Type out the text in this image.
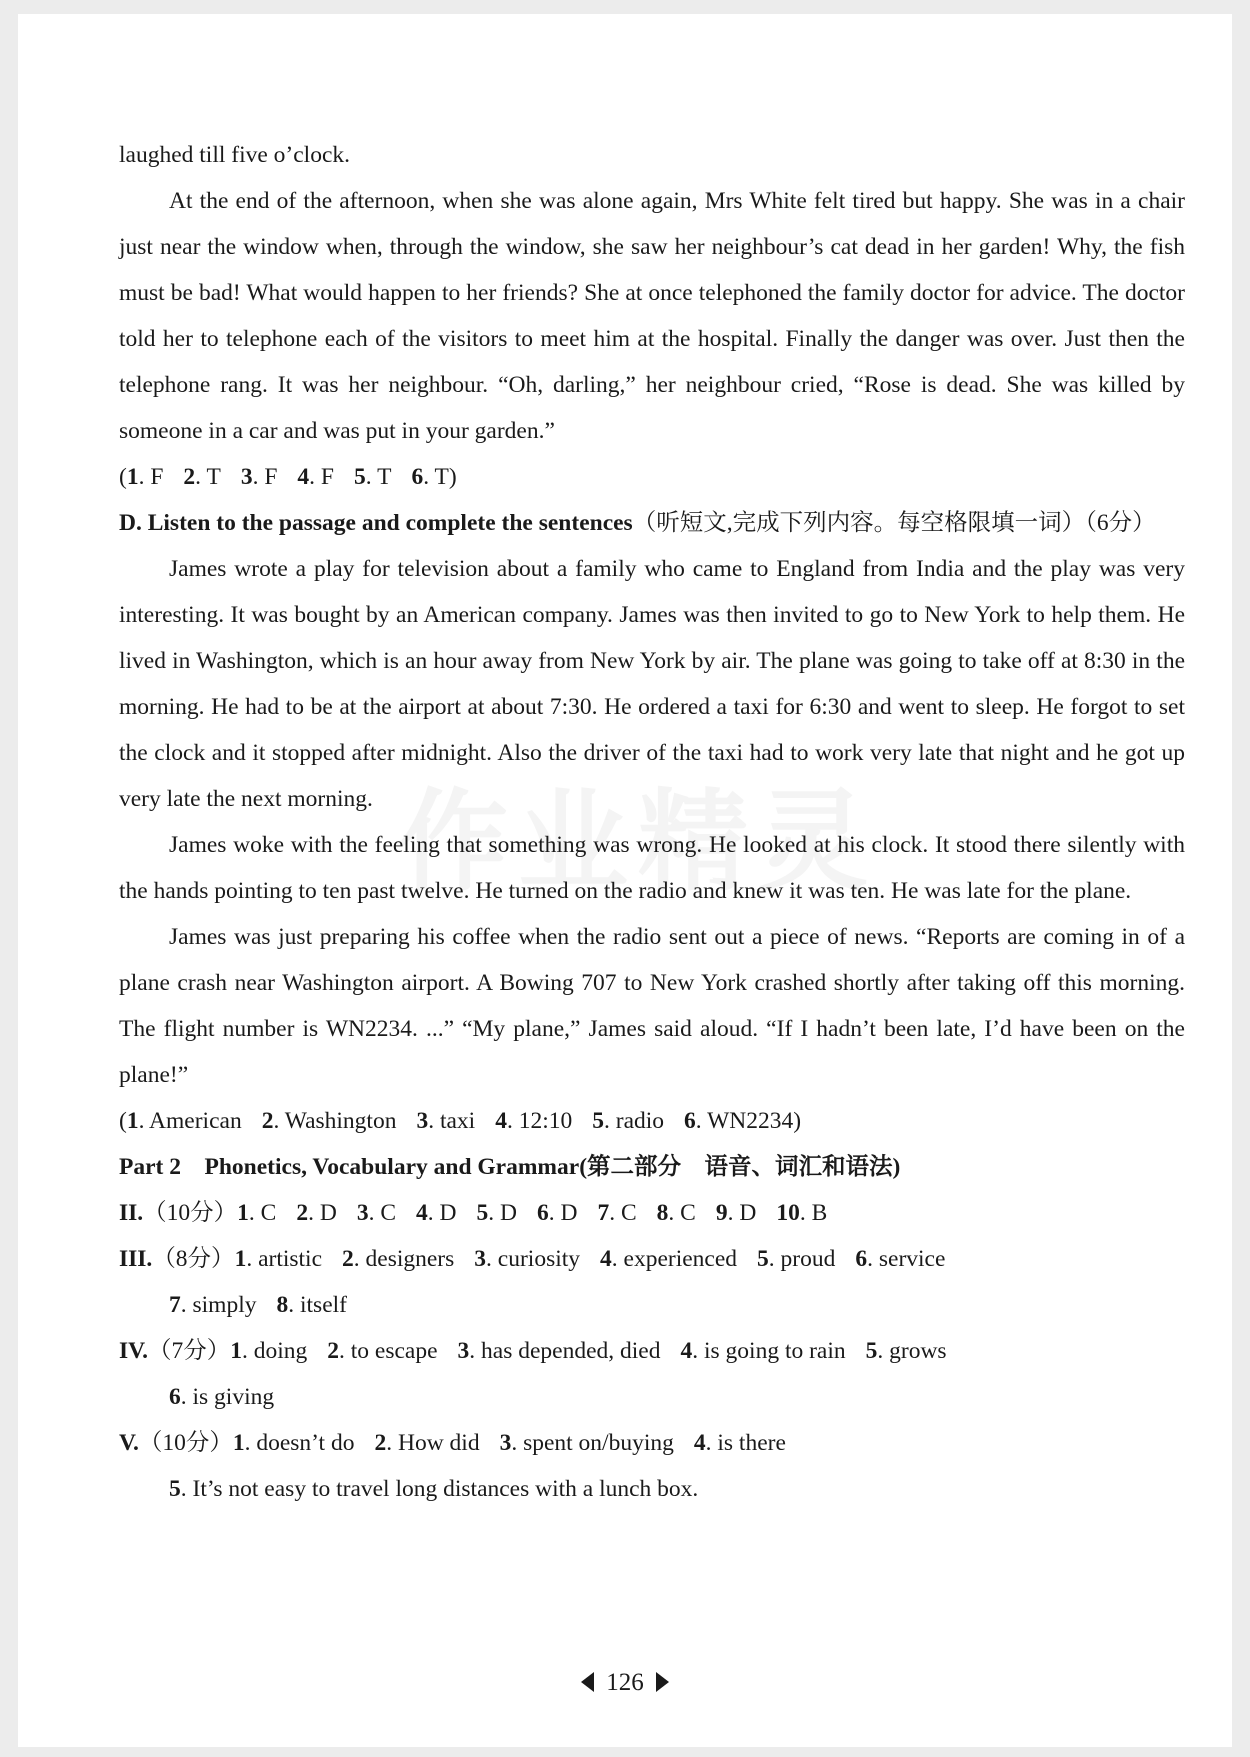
laughed till five o’clock.

At the end of the afternoon, when she was alone again, Mrs White felt tired but happy. She was in a chair just near the window when, through the window, she saw her neighbour’s cat dead in her garden! Why, the fish must be bad! What would happen to her friends? She at once telephoned the family doctor for advice. The doctor told her to telephone each of the visitors to meet him at the hospital. Finally the danger was over. Just then the telephone rang. It was her neighbour. “Oh, darling,” her neighbour cried, “Rose is dead. She was killed by someone in a car and was put in your garden.”

(1. F 2. T 3. F 4. F 5. T 6. T)

D. Listen to the passage and complete the sentences（听短文,完成下列内容。每空格限填一词）（6分）

James wrote a play for television about a family who came to England from India and the play was very interesting. It was bought by an American company. James was then invited to go to New York to help them. He lived in Washington, which is an hour away from New York by air. The plane was going to take off at 8:30 in the morning. He had to be at the airport at about 7:30. He ordered a taxi for 6:30 and went to sleep. He forgot to set the clock and it stopped after midnight. Also the driver of the taxi had to work very late that night and he got up very late the next morning.

James woke with the feeling that something was wrong. He looked at his clock. It stood there silently with the hands pointing to ten past twelve. He turned on the radio and knew it was ten. He was late for the plane.

James was just preparing his coffee when the radio sent out a piece of news. “Reports are coming in of a plane crash near Washington airport. A Bowing 707 to New York crashed shortly after taking off this morning. The flight number is WN2234. ...” “My plane,” James said aloud. “If I hadn’t been late, I’d have been on the plane!”

(1. American 2. Washington 3. taxi 4. 12:10 5. radio 6. WN2234)

Part 2　Phonetics, Vocabulary and Grammar(第二部分　语音、词汇和语法)

II.（10分）1. C 2. D 3. C 4. D 5. D 6. D 7. C 8. C 9. D 10. B

III.（8分）1. artistic 2. designers 3. curiosity 4. experienced 5. proud 6. service

7. simply 8. itself

IV.（7分）1. doing 2. to escape 3. has depended, died 4. is going to rain 5. grows

6. is giving

V.（10分）1. doesn’t do 2. How did 3. spent on/buying 4. is there

5. It’s not easy to travel long distances with a lunch box.

126
